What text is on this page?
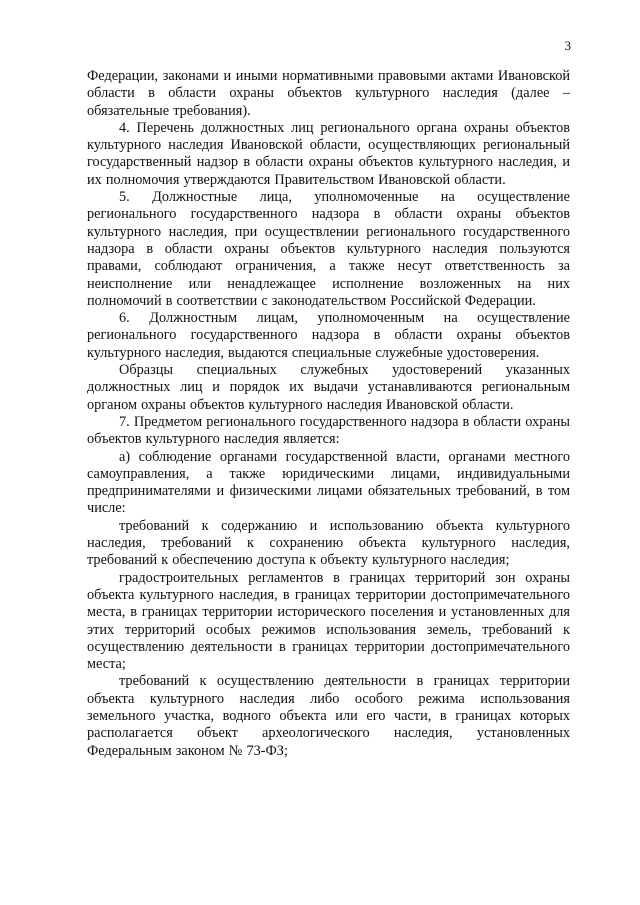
3

Федерации, законами и иными нормативными правовыми актами Ивановской области в области охраны объектов культурного наследия (далее – обязательные требования).

4. Перечень должностных лиц регионального органа охраны объектов культурного наследия Ивановской области, осуществляющих региональный государственный надзор в области охраны объектов культурного наследия, и их полномочия утверждаются Правительством Ивановской области.

5. Должностные лица, уполномоченные на осуществление регионального государственного надзора в области охраны объектов культурного наследия, при осуществлении регионального государственного надзора в области охраны объектов культурного наследия пользуются правами, соблюдают ограничения, а также несут ответственность за неисполнение или ненадлежащее исполнение возложенных на них полномочий в соответствии с законодательством Российской Федерации.

6. Должностным лицам, уполномоченным на осуществление регионального государственного надзора в области охраны объектов культурного наследия, выдаются специальные служебные удостоверения.

Образцы специальных служебных удостоверений указанных должностных лиц и порядок их выдачи устанавливаются региональным органом охраны объектов культурного наследия Ивановской области.

7. Предметом регионального государственного надзора в области охраны объектов культурного наследия является:

а) соблюдение органами государственной власти, органами местного самоуправления, а также юридическими лицами, индивидуальными предпринимателями и физическими лицами обязательных требований, в том числе:

требований к содержанию и использованию объекта культурного наследия, требований к сохранению объекта культурного наследия, требований к обеспечению доступа к объекту культурного наследия;

градостроительных регламентов в границах территорий зон охраны объекта культурного наследия, в границах территории достопримечательного места, в границах территории исторического поселения и установленных для этих территорий особых режимов использования земель, требований к осуществлению деятельности в границах территории достопримечательного места;

требований к осуществлению деятельности в границах территории объекта культурного наследия либо особого режима использования земельного участка, водного объекта или его части, в границах которых располагается объект археологического наследия, установленных Федеральным законом № 73-ФЗ;
